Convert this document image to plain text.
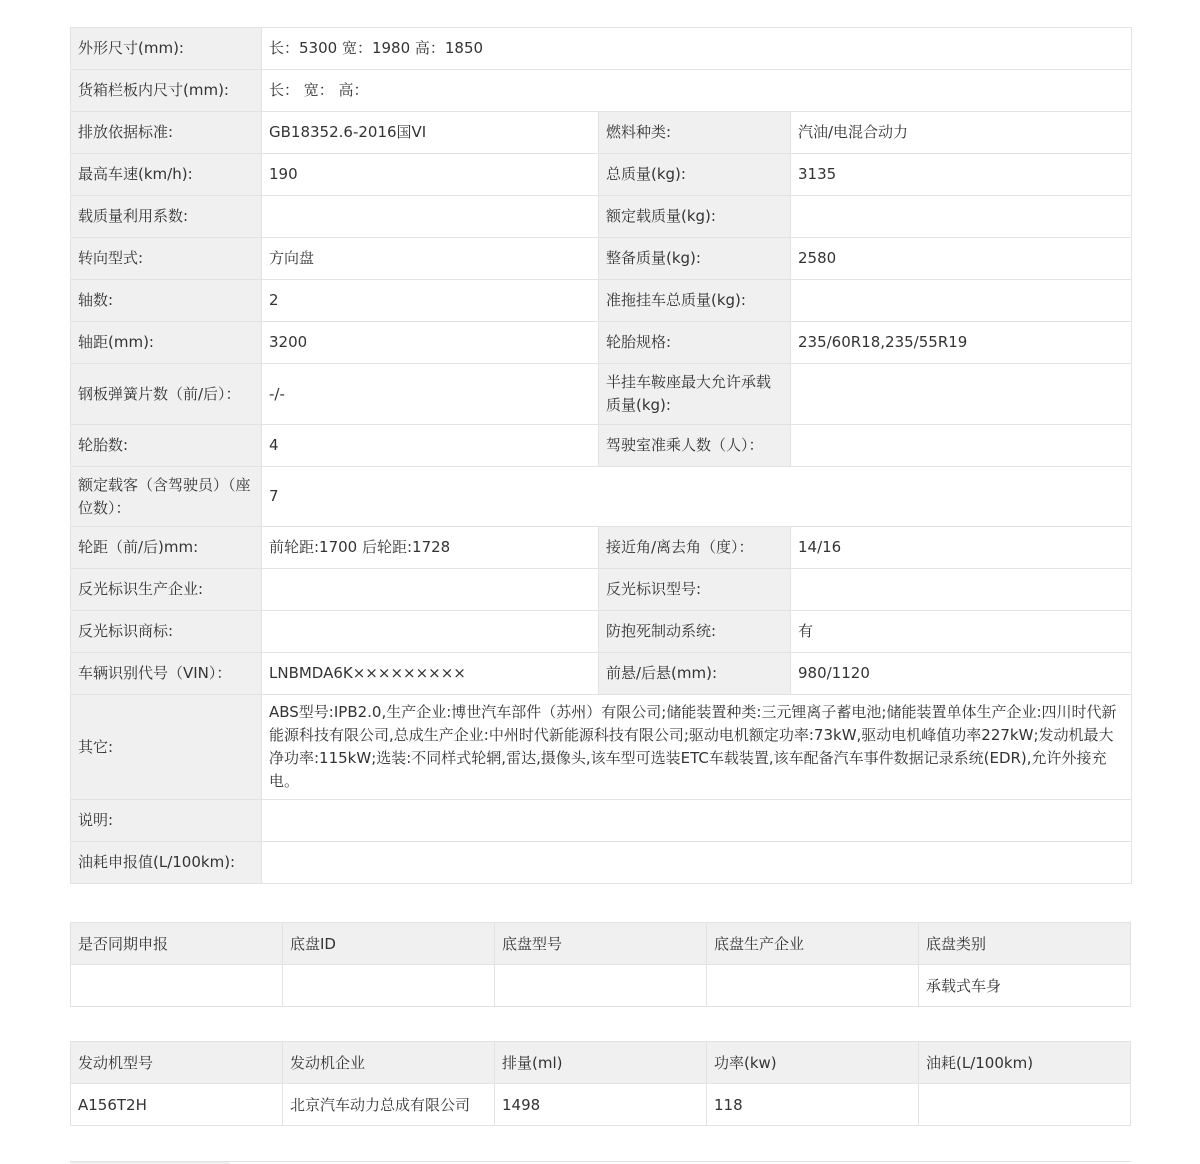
外形尺寸(mm):	长：5300 宽：1980 高：1850		
货箱栏板内尺寸(mm):	长： 宽： 高：		
排放依据标准:	GB18352.6-2016国VI	燃料种类:	汽油/电混合动力
最高车速(km/h):	190	总质量(kg):	3135
载质量利用系数:		额定载质量(kg):	
转向型式:	方向盘	整备质量(kg):	2580
轴数:	2	准拖挂车总质量(kg):	
轴距(mm):	3200	轮胎规格:	235/60R18,235/55R19
钢板弹簧片数（前/后）：	-/-	半挂车鞍座最大允许承载质量(kg):	
轮胎数:	4	驾驶室准乘人数（人）：	
额定载客（含驾驶员）（座位数）：	7		
轮距（前/后)mm:	前轮距:1700 后轮距:1728	接近角/离去角（度）：	14/16
反光标识生产企业:		反光标识型号:	
反光标识商标:		防抱死制动系统:	有
车辆识别代号（VIN）：	LNBMDA6K×××××××××	前悬/后悬(mm):	980/1120
其它:	ABS型号:IPB2.0,生产企业:博世汽车部件（苏州）有限公司;储能装置种类:三元锂离子蓄电池;储能装置单体生产企业:四川时代新能源科技有限公司,总成生产企业:中州时代新能源科技有限公司;驱动电机额定功率:73kW,驱动电机峰值功率227kW;发动机最大净功率:115kW;选装:不同样式轮辋,雷达,摄像头,该车型可选装ETC车载装置,该车配备汽车事件数据记录系统(EDR),允许外接充电。		
说明:			
油耗申报值(L/100km):			
是否同期申报	底盘ID	底盘型号	底盘生产企业	底盘类别
				承载式车身
发动机型号	发动机企业	排量(ml)	功率(kw)	油耗(L/100km)
A156T2H	北京汽车动力总成有限公司	1498	118	
